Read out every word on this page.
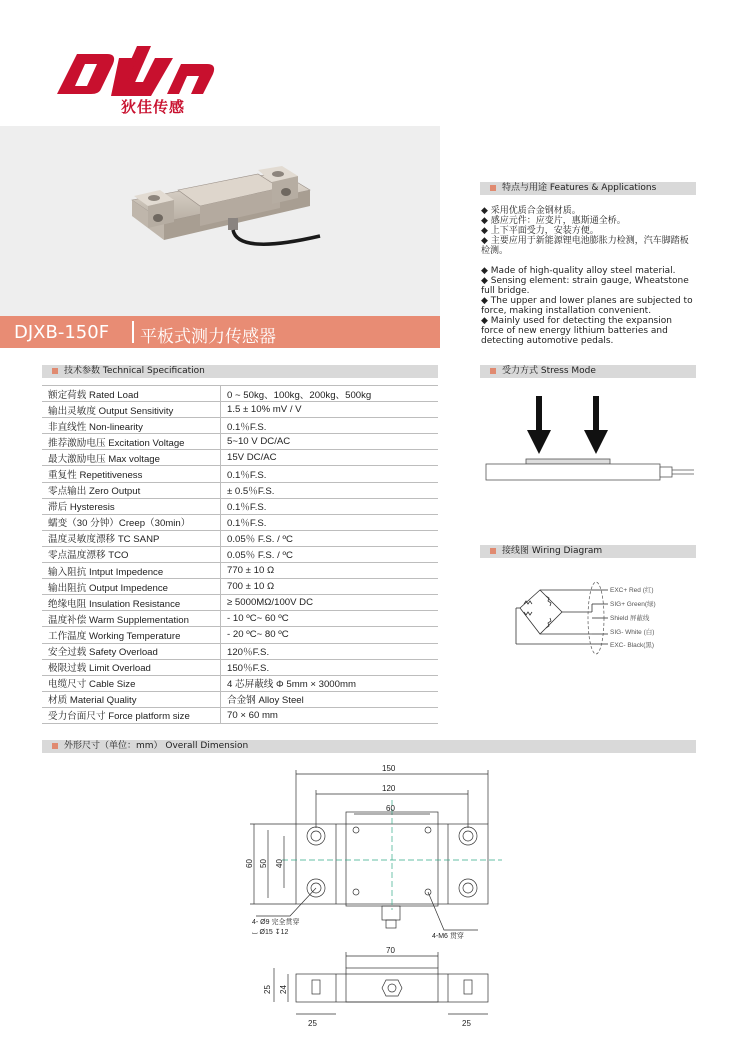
狄佳传感
DJXB-150F 平板式测力传感器
特点与用途 Features & Applications

◆ 采用优质合金钢材质。

◆ 感应元件：应变片，惠斯通全桥。

◆ 上下平面受力，安装方便。

◆ 主要应用于新能源锂电池膨胀力检测，汽车脚踏板检测。

◆ Made of high-quality alloy steel material.

◆ Sensing element: strain gauge, Wheatstone full bridge.

◆ The upper and lower planes are subjected to force, making installation convenient.

◆ Mainly used for detecting the expansion force of new energy lithium batteries and detecting automotive pedals.

技术参数 Technical Specification
额定荷载 Rated Load	0 ~ 50kg、100kg、200kg、500kg
输出灵敏度 Output Sensitivity	1.5 ± 10% mV / V
非直线性 Non-linearity	0.1％F.S.
推荐激励电压 Excitation Voltage	5~10 V DC/AC
最大激励电压 Max voltage	15V DC/AC
重复性 Repetitiveness	0.1％F.S.
零点输出 Zero Output	± 0.5％F.S.
滞后 Hysteresis	0.1％F.S.
蠕变（30 分钟）Creep（30min）	0.1％F.S.
温度灵敏度漂移 TC SANP	0.05％ F.S. / ºC
零点温度漂移 TCO	0.05％ F.S. / ºC
输入阻抗 Intput Impedence	770 ± 10 Ω
输出阻抗 Output Impedence	700 ± 10 Ω
绝缘电阻 Insulation Resistance	≥ 5000MΩ/100V DC
温度补偿 Warm Supplementation	- 10 ºC~ 60 ºC
工作温度 Working Temperature	- 20 ºC~ 80 ºC
安全过载 Safety Overload	120％F.S.
极限过载 Limit Overload	150％F.S.
电缆尺寸 Cable Size	4 芯屏蔽线 Φ 5mm × 3000mm
材质 Material Quality	合金钢 Alloy Steel
受力台面尺寸 Force platform size	70 × 60 mm
受力方式 Stress Mode
接线图 Wiring Diagram
EXC+ Red (红)
SIG+ Green(绿)
Shield 屏蔽线
SIG- White (白)
EXC- Black(黑)
外形尺寸（单位：mm） Overall Dimension
150
120
60
60 50 40
4- Ø9 完全贯穿
⌴ Ø15 ↧12
4-M6 贯穿
70
25 24
25	25
